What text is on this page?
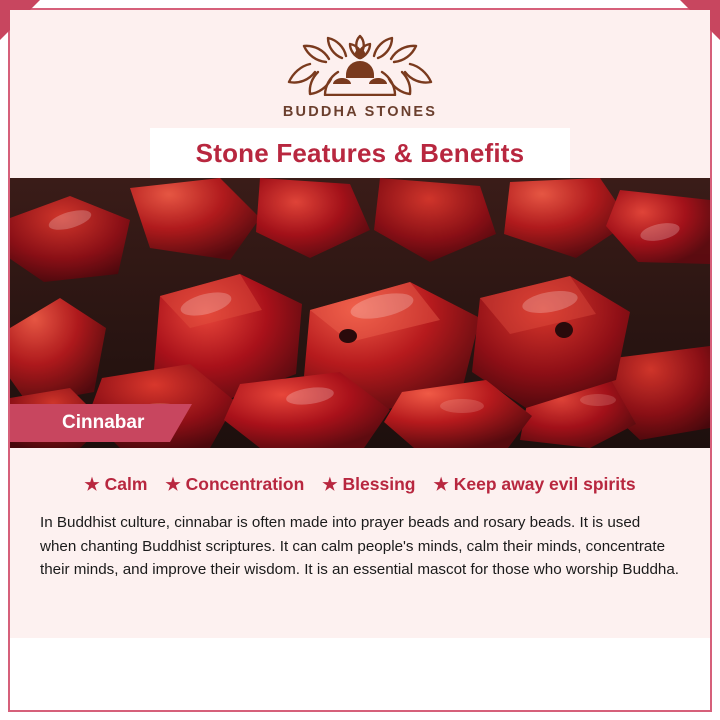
BUDDHA STONES
Stone Features & Benefits
Cinnabar
★ Calm ★ Concentration ★ Blessing ★ Keep away evil spirits
In Buddhist culture, cinnabar is often made into prayer beads and rosary beads. It is used when chanting Buddhist scriptures. It can calm people's minds, calm their minds, concentrate their minds, and improve their wisdom. It is an essential mascot for those who worship Buddha.
